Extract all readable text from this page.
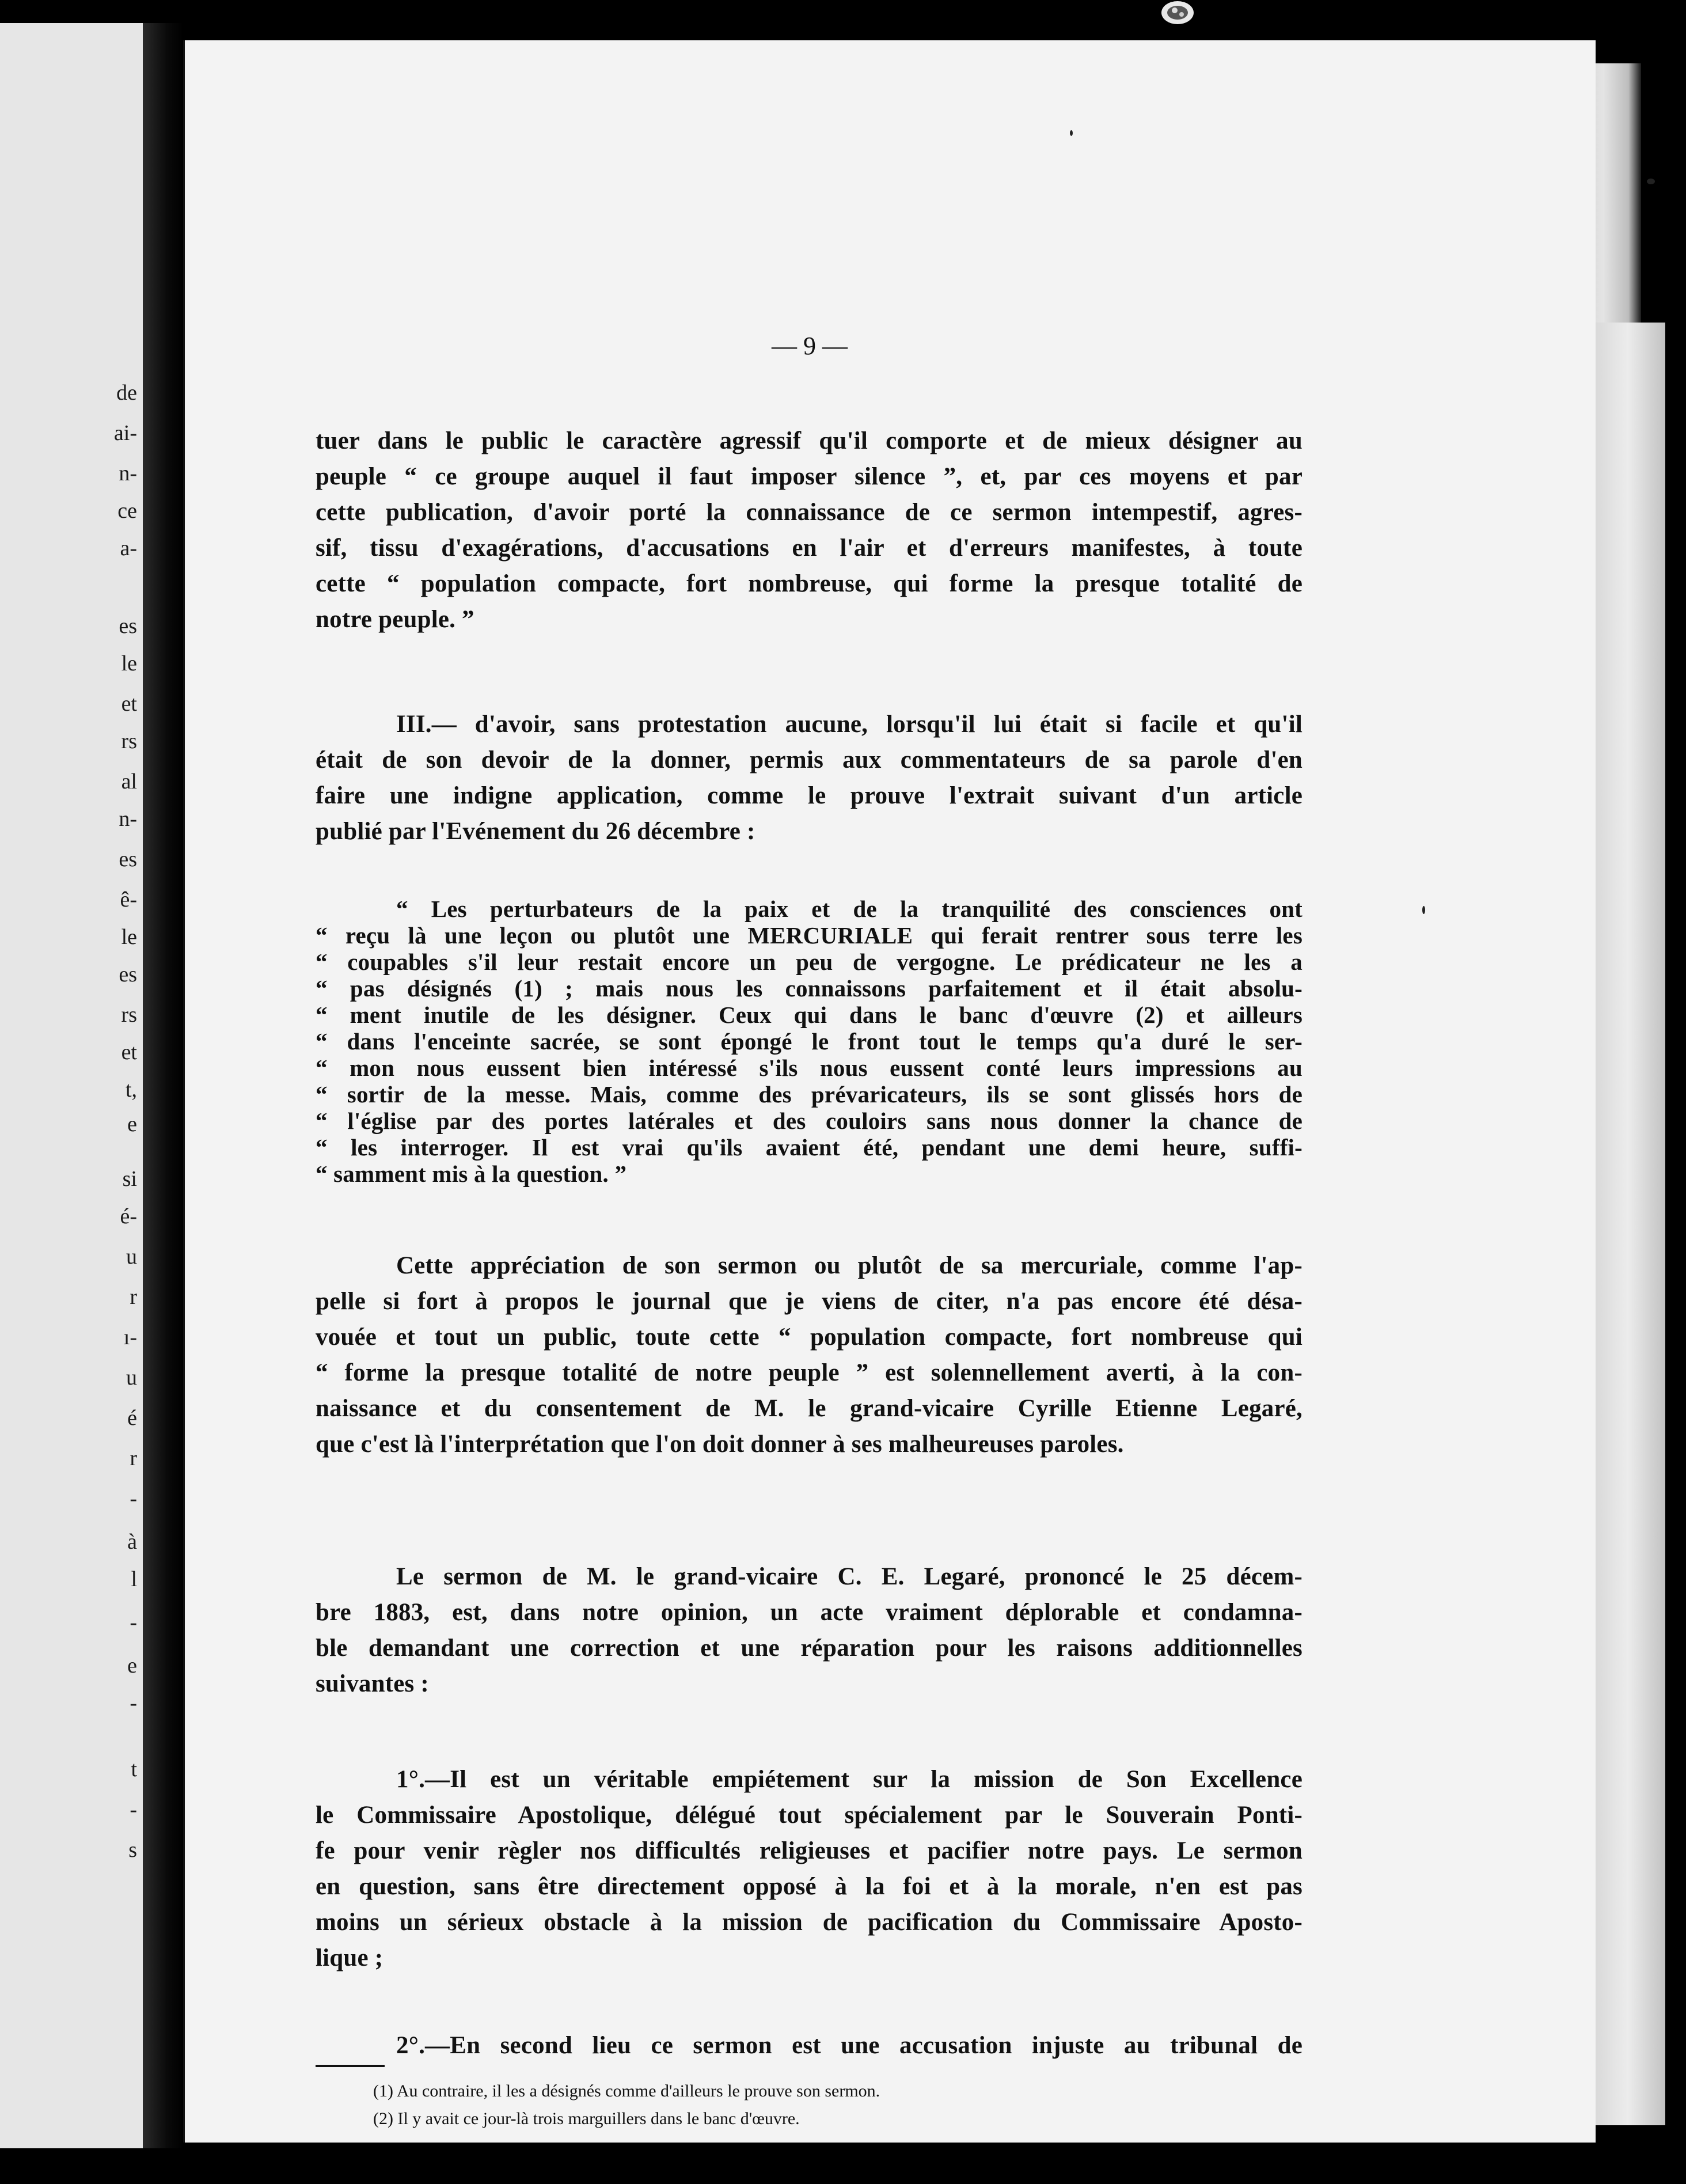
de
ai-
n-
ce
a-
es
le
et
rs
al
n-
es
ê-
le
es
rs
et
t,
e
si
é-
u
r
ı-
u
é
r
-
à
l
-
e
-
t
-
s
— 9 —
tuer dans le public le caractère agressif qu'il comporte et de mieux désigner au
peuple “ ce groupe auquel il faut imposer silence ”, et, par ces moyens et par
cette publication, d'avoir porté la connaissance de ce sermon intempestif, agres-
sif, tissu d'exagérations, d'accusations en l'air et d'erreurs manifestes, à toute
cette “ population compacte, fort nombreuse, qui forme la presque totalité de
notre peuple. ”
III.— d'avoir, sans protestation aucune, lorsqu'il lui était si facile et qu'il
était de son devoir de la donner, permis aux commentateurs de sa parole d'en
faire une indigne application, comme le prouve l'extrait suivant d'un article
publié par l'Evénement du 26 décembre :
“ Les perturbateurs de la paix et de la tranquilité des consciences ont
“ reçu là une leçon ou plutôt une MERCURIALE qui ferait rentrer sous terre les
“ coupables s'il leur restait encore un peu de vergogne. Le prédicateur ne les a
“ pas désignés (1) ; mais nous les connaissons parfaitement et il était absolu-
“ ment inutile de les désigner. Ceux qui dans le banc d'œuvre (2) et ailleurs
“ dans l'enceinte sacrée, se sont épongé le front tout le temps qu'a duré le ser-
“ mon nous eussent bien intéressé s'ils nous eussent conté leurs impressions au
“ sortir de la messe. Mais, comme des prévaricateurs, ils se sont glissés hors de
“ l'église par des portes latérales et des couloirs sans nous donner la chance de
“ les interroger. Il est vrai qu'ils avaient été, pendant une demi heure, suffi-
“ samment mis à la question. ”
Cette appréciation de son sermon ou plutôt de sa mercuriale, comme l'ap-
pelle si fort à propos le journal que je viens de citer, n'a pas encore été désa-
vouée et tout un public, toute cette “ population compacte, fort nombreuse qui
“ forme la presque totalité de notre peuple ” est solennellement averti, à la con-
naissance et du consentement de M. le grand-vicaire Cyrille Etienne Legaré,
que c'est là l'interprétation que l'on doit donner à ses malheureuses paroles.
Le sermon de M. le grand-vicaire C. E. Legaré, prononcé le 25 décem-
bre 1883, est, dans notre opinion, un acte vraiment déplorable et condamna-
ble demandant une correction et une réparation pour les raisons additionnelles
suivantes :
1°.—Il est un véritable empiétement sur la mission de Son Excellence
le Commissaire Apostolique, délégué tout spécialement par le Souverain Ponti-
fe pour venir règler nos difficultés religieuses et pacifier notre pays. Le sermon
en question, sans être directement opposé à la foi et à la morale, n'en est pas
moins un sérieux obstacle à la mission de pacification du Commissaire Aposto-
lique ;
2°.—En second lieu ce sermon est une accusation injuste au tribunal de
(1) Au contraire, il les a désignés comme d'ailleurs le prouve son sermon.
(2) Il y avait ce jour-là trois marguillers dans le banc d'œuvre.
